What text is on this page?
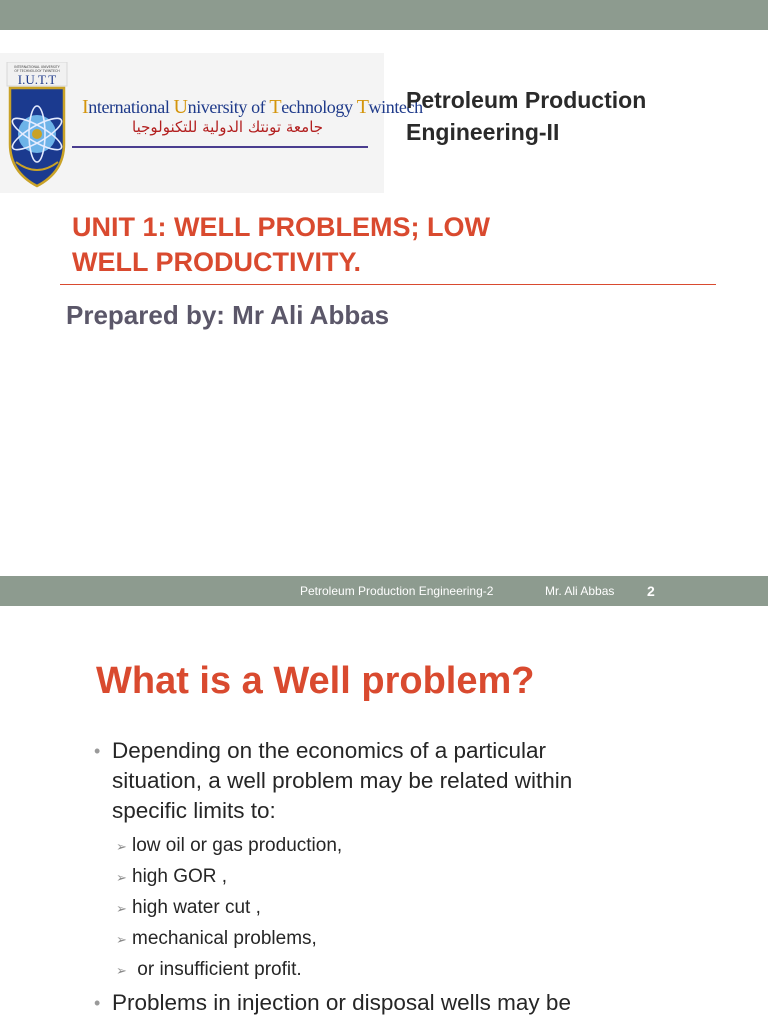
INTERNATIONAL UNIVERSITY
OF TECHNOLOGY TWINTECH
I.U.T.T
International University of Technology Twintech
جامعة تونتك الدولية للتكنولوجيا
Petroleum Production
Engineering-II
UNIT 1: WELL PROBLEMS; LOW
WELL PRODUCTIVITY.
Prepared by: Mr Ali Abbas
Petroleum Production Engineering-2	Mr. Ali Abbas 2
What is a Well problem?
• Depending on the economics of a particular
situation, a well problem may be related within
specific limits to:
➢ low oil or gas production,
➢ high GOR ,
➢ high water cut ,
➢ mechanical problems,
➢ or insufficient profit.
• Problems in injection or disposal wells may be
